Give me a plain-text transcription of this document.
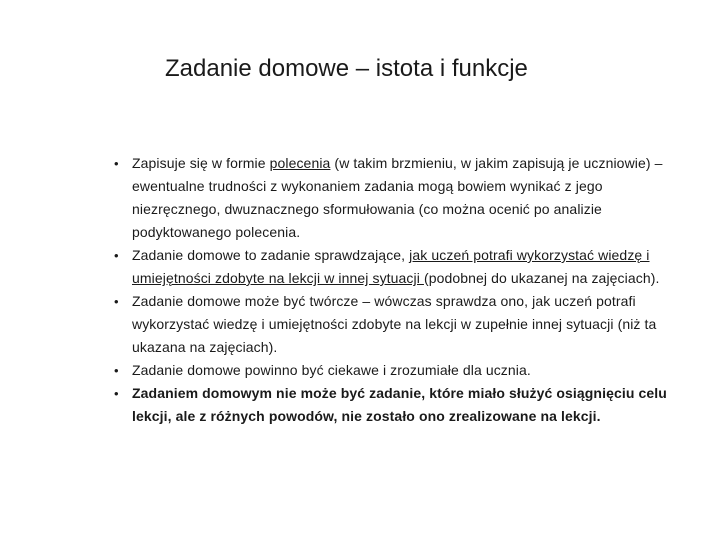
Zadanie domowe – istota i funkcje
• Zapisuje się w formie polecenia (w takim brzmieniu, w jakim zapisują je uczniowie) – ewentualne trudności z wykonaniem zadania mogą bowiem wynikać z jego niezręcznego, dwuznacznego sformułowania (co można ocenić po analizie podyktowanego polecenia.
• Zadanie domowe to zadanie sprawdzające, jak uczeń potrafi wykorzystać wiedzę i umiejętności zdobyte na lekcji w innej sytuacji (podobnej do ukazanej na zajęciach).
• Zadanie domowe może być twórcze – wówczas sprawdza ono, jak uczeń potrafi wykorzystać wiedzę i umiejętności zdobyte na lekcji w zupełnie innej sytuacji (niż ta ukazana na zajęciach).
• Zadanie domowe powinno być ciekawe i zrozumiałe dla ucznia.
• Zadaniem domowym nie może być zadanie, które miało służyć osiągnięciu celu lekcji, ale z różnych powodów, nie zostało ono zrealizowane na lekcji.
